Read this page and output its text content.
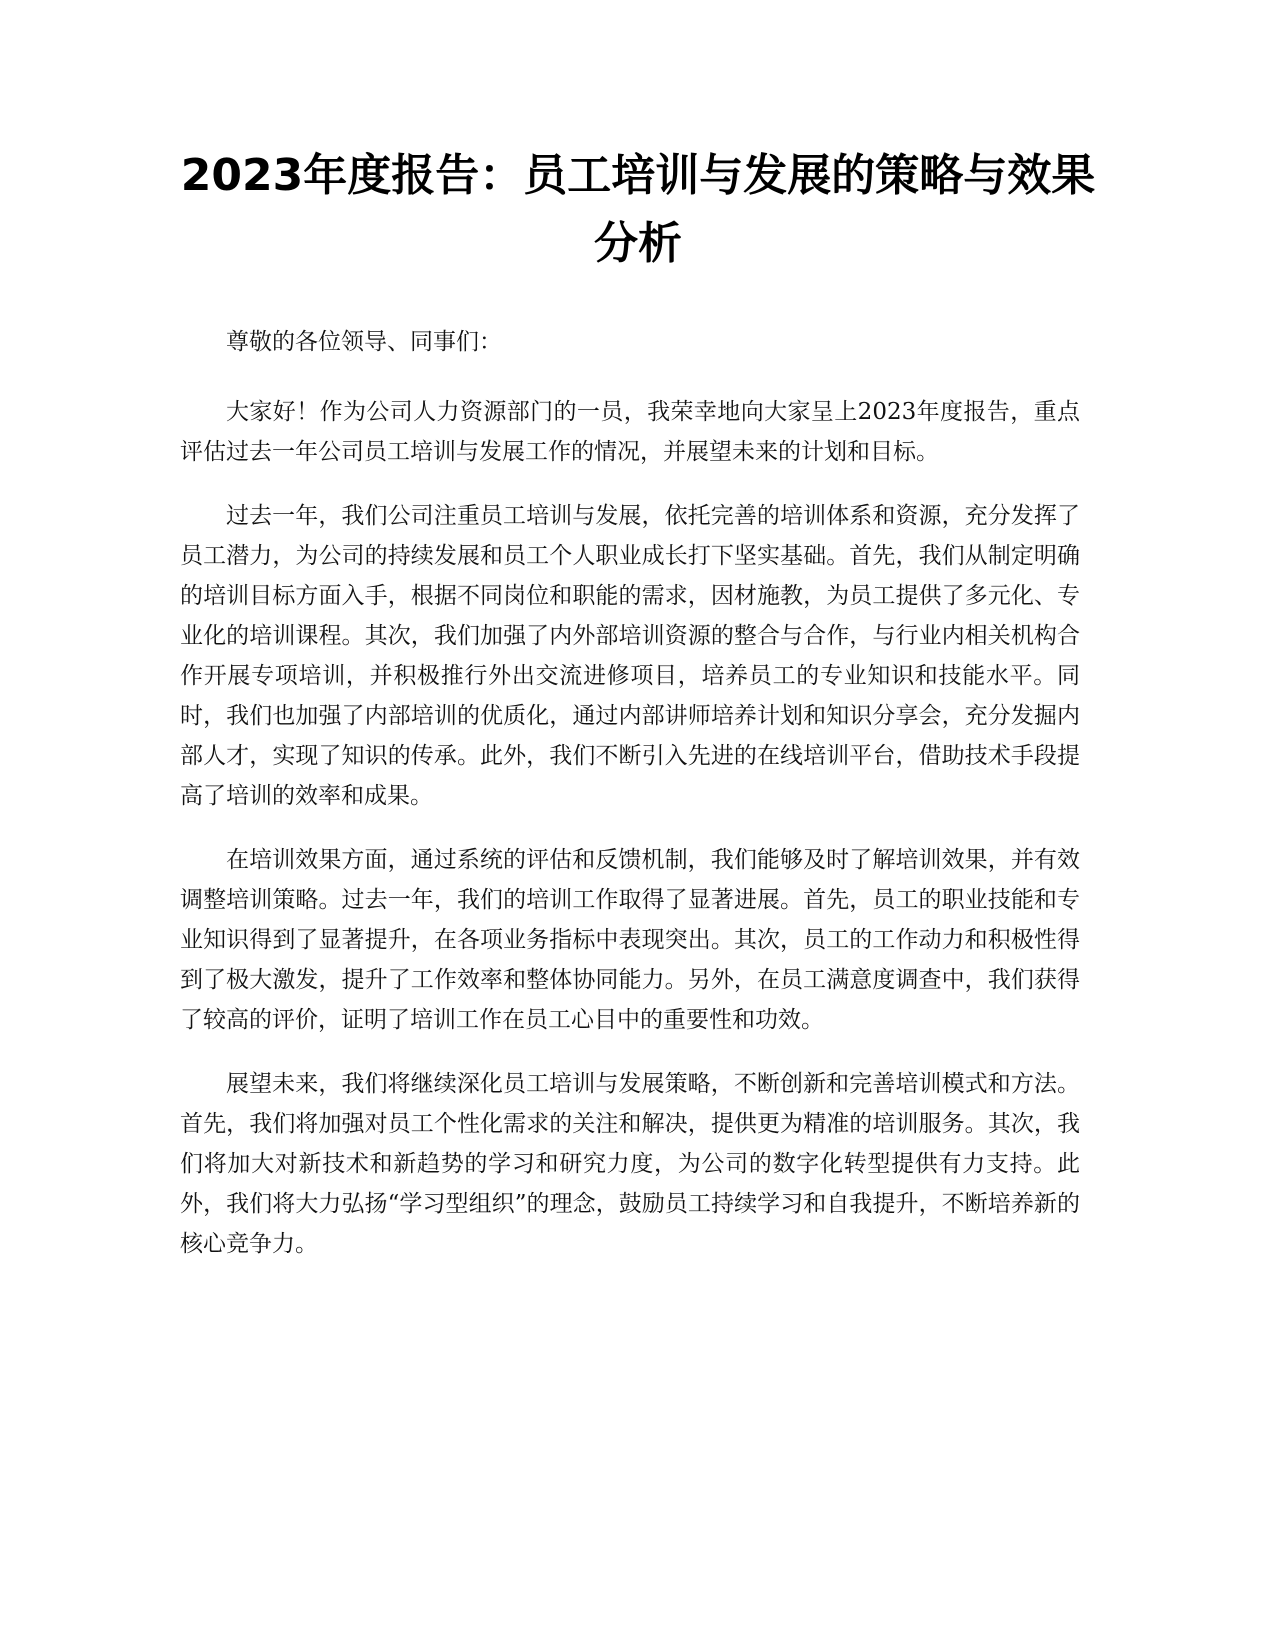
2023年度报告：员工培训与发展的策略与效果分析

尊敬的各位领导、同事们：

大家好！作为公司人力资源部门的一员，我荣幸地向大家呈上2023年度报告，重点评估过去一年公司员工培训与发展工作的情况，并展望未来的计划和目标。

过去一年，我们公司注重员工培训与发展，依托完善的培训体系和资源，充分发挥了员工潜力，为公司的持续发展和员工个人职业成长打下坚实基础。首先，我们从制定明确的培训目标方面入手，根据不同岗位和职能的需求，因材施教，为员工提供了多元化、专业化的培训课程。其次，我们加强了内外部培训资源的整合与合作，与行业内相关机构合作开展专项培训，并积极推行外出交流进修项目，培养员工的专业知识和技能水平。同时，我们也加强了内部培训的优质化，通过内部讲师培养计划和知识分享会，充分发掘内部人才，实现了知识的传承。此外，我们不断引入先进的在线培训平台，借助技术手段提高了培训的效率和成果。

在培训效果方面，通过系统的评估和反馈机制，我们能够及时了解培训效果，并有效调整培训策略。过去一年，我们的培训工作取得了显著进展。首先，员工的职业技能和专业知识得到了显著提升，在各项业务指标中表现突出。其次，员工的工作动力和积极性得到了极大激发，提升了工作效率和整体协同能力。另外，在员工满意度调查中，我们获得了较高的评价，证明了培训工作在员工心目中的重要性和功效。

展望未来，我们将继续深化员工培训与发展策略，不断创新和完善培训模式和方法。首先，我们将加强对员工个性化需求的关注和解决，提供更为精准的培训服务。其次，我们将加大对新技术和新趋势的学习和研究力度，为公司的数字化转型提供有力支持。此外，我们将大力弘扬“学习型组织”的理念，鼓励员工持续学习和自我提升，不断培养新的核心竞争力。
